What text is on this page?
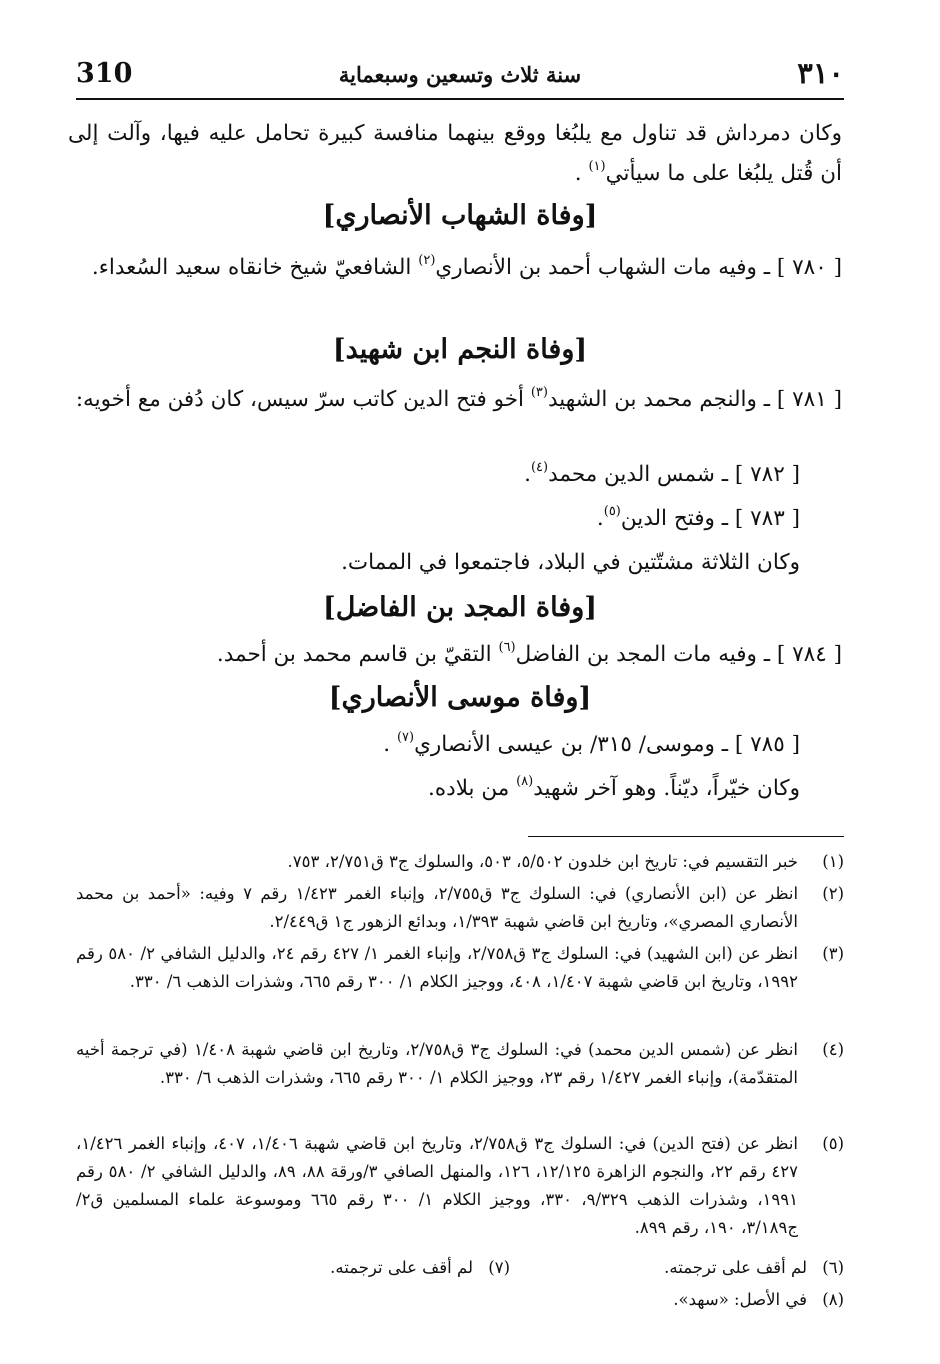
310	سنة ثلاث وتسعين وسبعماية	٣١٠
وكان دمرداش قد تناول مع يلبُغا ووقع بينهما منافسة كبيرة تحامل عليه فيها، وآلت إلى أن قُتل يلبُغا على ما سيأتي$^{(١)}$ .
[وفاة الشهاب الأنصاري]
[ ٧٨٠ ] ـ وفيه مات الشهاب أحمد بن الأنصاري$^{(٢)}$ الشافعيّ شيخ خانقاه سعيد السُعداء.
[وفاة النجم ابن شهيد]
[ ٧٨١ ] ـ والنجم محمد بن الشهيد$^{(٣)}$ أخو فتح الدين كاتب سرّ سيس، كان دُفن مع أخويه:
[ ٧٨٢ ] ـ شمس الدين محمد$^{(٤)}$.
[ ٧٨٣ ] ـ وفتح الدين$^{(٥)}$.
وكان الثلاثة مشتّتين في البلاد، فاجتمعوا في الممات.
[وفاة المجد بن الفاضل]
[ ٧٨٤ ] ـ وفيه مات المجد بن الفاضل$^{(٦)}$ التقيّ بن قاسم محمد بن أحمد.
[وفاة موسى الأنصاري]
[ ٧٨٥ ] ـ وموسى/ ٣١٥/ بن عيسى الأنصاري$^{(٧)}$ .
وكان خيّراً، ديّناً. وهو آخر شهيد$^{(٨)}$ من بلاده.
(١)
خبر التقسيم في: تاريخ ابن خلدون ٥/٥٠٢، ٥٠٣، والسلوك ج٣ ق٢/٧٥١، ٧٥٣.
(٢)
انظر عن (ابن الأنصاري) في: السلوك ج٣ ق٢/٧٥٥، وإنباء الغمر ١/٤٢٣ رقم ٧ وفيه: «أحمد بن محمد الأنصاري المصري»، وتاريخ ابن قاضي شهبة ١/٣٩٣، وبدائع الزهور ج١ ق٢/٤٤٩.
(٣)
انظر عن (ابن الشهيد) في: السلوك ج٣ ق٢/٧٥٨، وإنباء الغمر ١/ ٤٢٧ رقم ٢٤، والدليل الشافي ٢/ ٥٨٠ رقم ١٩٩٢، وتاريخ ابن قاضي شهبة ١/٤٠٧، ٤٠٨، ووجيز الكلام ١/ ٣٠٠ رقم ٦٦٥، وشذرات الذهب ٦/ ٣٣٠.
(٤)
انظر عن (شمس الدين محمد) في: السلوك ج٣ ق٢/٧٥٨، وتاريخ ابن قاضي شهبة ١/٤٠٨ (في ترجمة أخيه المتقدّمة)، وإنباء الغمر ١/٤٢٧ رقم ٢٣، ووجيز الكلام ١/ ٣٠٠ رقم ٦٦٥، وشذرات الذهب ٦/ ٣٣٠.
(٥)
انظر عن (فتح الدين) في: السلوك ج٣ ق٢/٧٥٨، وتاريخ ابن قاضي شهبة ١/٤٠٦، ٤٠٧، وإنباء الغمر ١/٤٢٦، ٤٢٧ رقم ٢٢، والنجوم الزاهرة ١٢/١٢٥، ١٢٦، والمنهل الصافي ٣/ورقة ٨٨، ٨٩، والدليل الشافي ٢/ ٥٨٠ رقم ١٩٩١، وشذرات الذهب ٩/٣٢٩، ٣٣٠، ووجيز الكلام ١/ ٣٠٠ رقم ٦٦٥ وموسوعة علماء المسلمين ق٢/ج٣/١٨٩، ١٩٠، رقم ٨٩٩.
(٦) لم أقف على ترجمته.
(٧) لم أقف على ترجمته.
(٨) في الأصل: «سهد».
